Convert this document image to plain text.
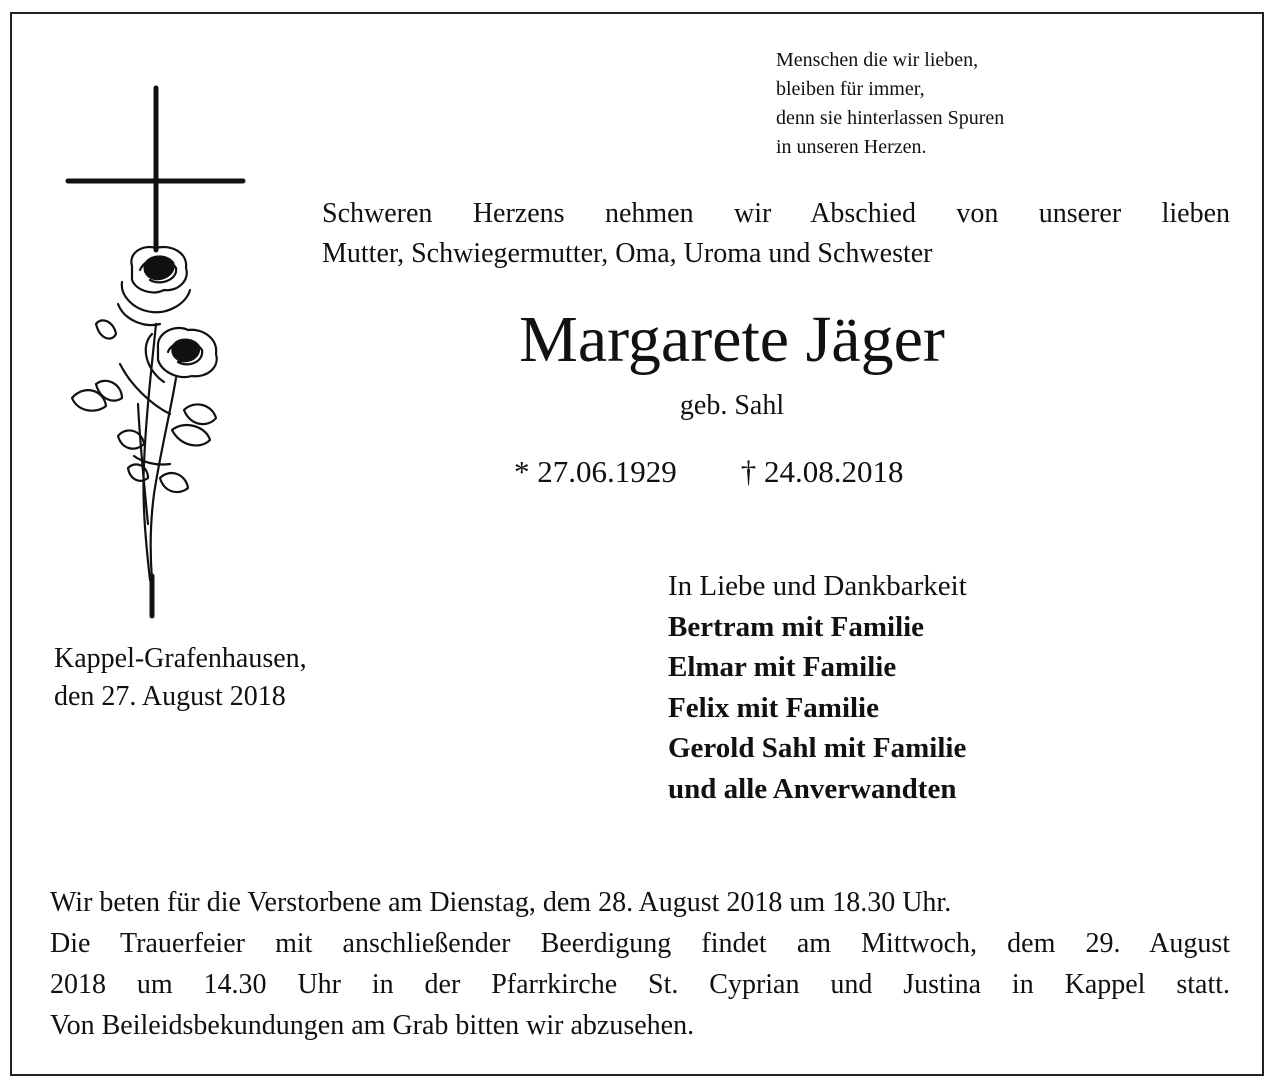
Menschen die wir lieben,
bleiben für immer,
denn sie hinterlassen Spuren
in unseren Herzen.
Schweren Herzens nehmen wir Abschied von unserer lieben
Mutter, Schwiegermutter, Oma, Uroma und Schwester
Margarete Jäger
geb. Sahl
* 27.06.1929 † 24.08.2018
Kappel-Grafenhausen,
den 27. August 2018
In Liebe und Dankbarkeit
Bertram mit Familie
Elmar mit Familie
Felix mit Familie
Gerold Sahl mit Familie
und alle Anverwandten
Wir beten für die Verstorbene am Dienstag, dem 28. August 2018 um 18.30 Uhr.
Die Trauerfeier mit anschließender Beerdigung findet am Mittwoch, dem 29. August
2018 um 14.30 Uhr in der Pfarrkirche St. Cyprian und Justina in Kappel statt.
Von Beileidsbekundungen am Grab bitten wir abzusehen.
